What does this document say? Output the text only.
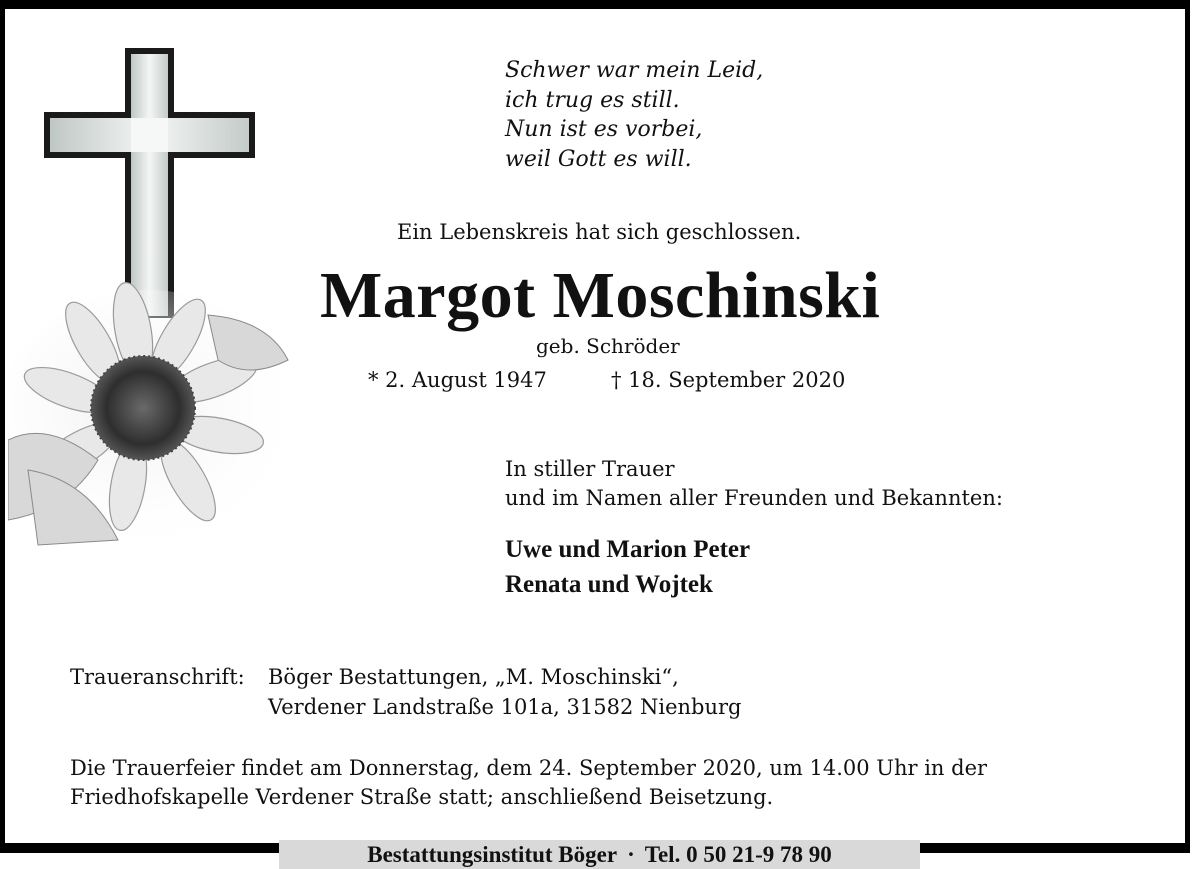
Schwer war mein Leid,
ich trug es still.
Nun ist es vorbei,
weil Gott es will.
Ein Lebenskreis hat sich geschlossen.
Margot Moschinski
geb. Schröder
* 2. August 1947	† 18. September 2020
In stiller Trauer
und im Namen aller Freunden und Bekannten:
Uwe und Marion Peter
Renata und Wojtek
Traueranschrift: Böger Bestattungen, „M. Moschinski“,
Verdener Landstraße 101a, 31582 Nienburg
Die Trauerfeier findet am Donnerstag, dem 24. September 2020, um 14.00 Uhr in der
Friedhofskapelle Verdener Straße statt; anschließend Beisetzung.
Bestattungsinstitut Böger · Tel. 0 50 21-9 78 90
